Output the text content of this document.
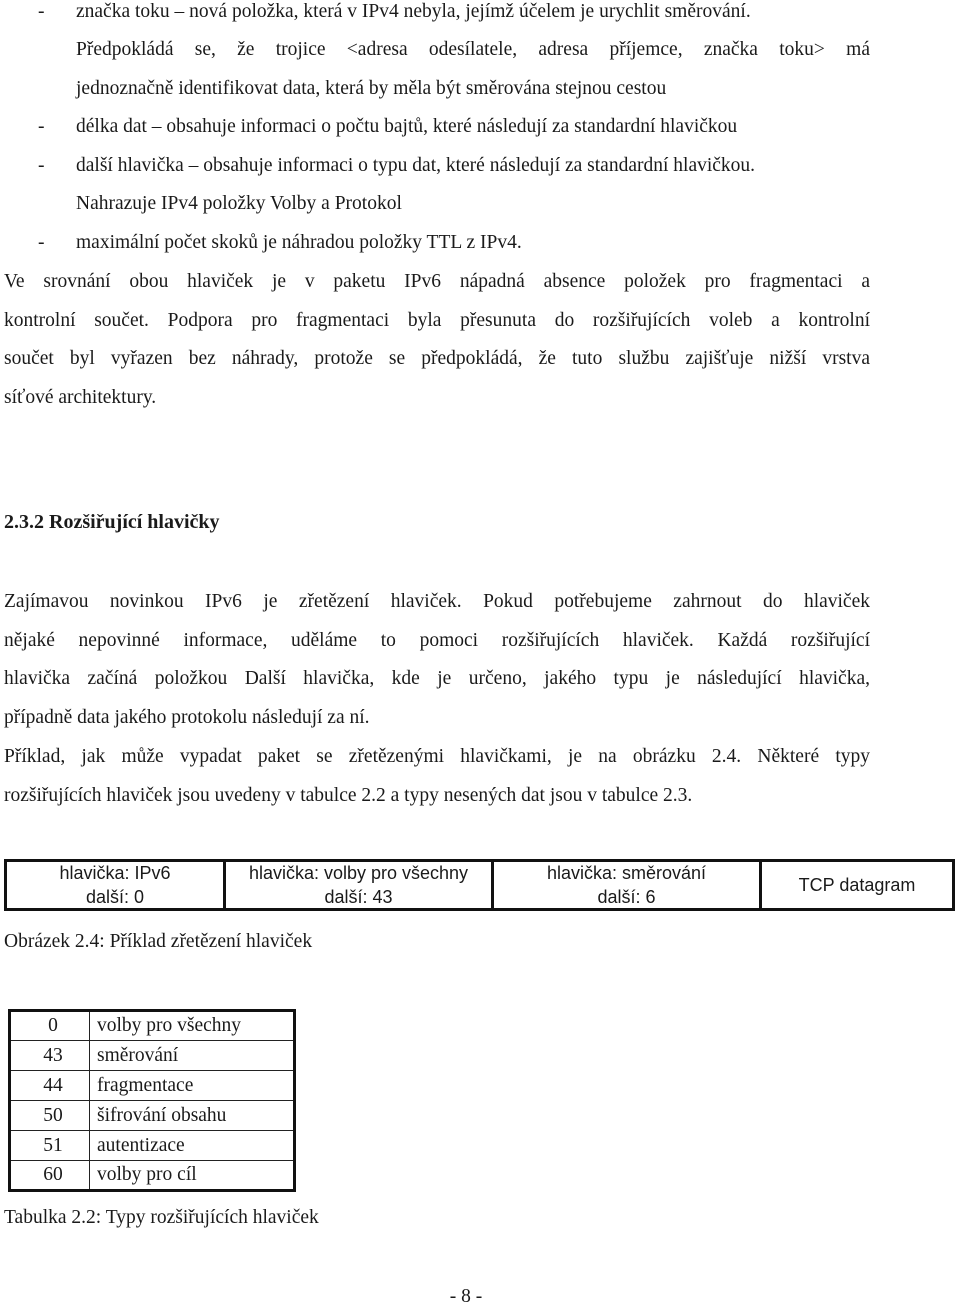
- značka toku – nová položka, která v IPv4 nebyla, jejímž účelem je urychlit směrování.
Předpokládá se, že trojice <adresa odesílatele, adresa příjemce, značka toku> má
jednoznačně identifikovat data, která by měla být směrována stejnou cestou
- délka dat – obsahuje informaci o počtu bajtů, které následují za standardní hlavičkou
- další hlavička – obsahuje informaci o typu dat, které následují za standardní hlavičkou.
Nahrazuje IPv4 položky Volby a Protokol
- maximální počet skoků je náhradou položky TTL z IPv4.
Ve srovnání obou hlaviček je v paketu IPv6 nápadná absence položek pro fragmentaci a
kontrolní součet. Podpora pro fragmentaci byla přesunuta do rozšiřujících voleb a kontrolní
součet byl vyřazen bez náhrady, protože se předpokládá, že tuto službu zajišťuje nižší vrstva
síťové architektury.
2.3.2 Rozšiřující hlavičky
Zajímavou novinkou IPv6 je zřetězení hlaviček. Pokud potřebujeme zahrnout do hlaviček
nějaké nepovinné informace, uděláme to pomoci rozšiřujících hlaviček. Každá rozšiřující
hlavička začíná položkou Další hlavička, kde je určeno, jakého typu je následující hlavička,
případně data jakého protokolu následují za ní.
Příklad, jak může vypadat paket se zřetězenými hlavičkami, je na obrázku 2.4. Některé typy
rozšiřujících hlaviček jsou uvedeny v tabulce 2.2 a typy nesených dat jsou v tabulce 2.3.
hlavička: IPv6
další: 0
hlavička: volby pro všechny
další: 43
hlavička: směrování
další: 6
TCP datagram
Obrázek 2.4: Příklad zřetězení hlaviček
0	volby pro všechny
43	směrování
44	fragmentace
50	šifrování obsahu
51	autentizace
60	volby pro cíl
Tabulka 2.2: Typy rozšiřujících hlaviček
- 8 -
